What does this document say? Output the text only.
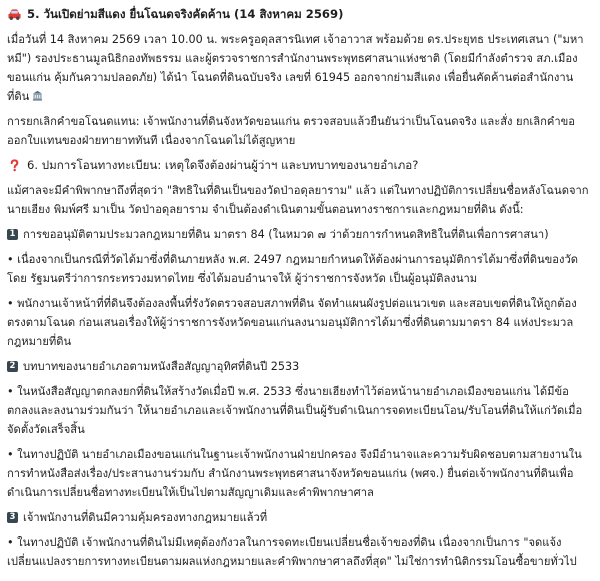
5. วันเปิดย่ามสีแดง ยื่นโฉนดจริงคัดค้าน (14 สิงหาคม 2569)

เมื่อวันที่ 14 สิงหาคม 2569 เวลา 10.00 น. พระครูอดุลสารนิเทศ เจ้าอาวาส พร้อมด้วย ดร.ประยุทธ ประเทศเสนา ("มหาหมี") รองประธานมูลนิธิกองทัพธรรม และผู้ตรวจราชการสำนักงานพระพุทธศาสนาแห่งชาติ (โดยมีกำลังตำรวจ สภ.เมืองขอนแก่น คุ้มกันความปลอดภัย) ได้นำ โฉนดที่ดินฉบับจริง เลขที่ 61945 ออกจากย่ามสีแดง เพื่อยื่นคัดค้านต่อสำนักงานที่ดิน

การยกเลิกคำขอโฉนดแทน: เจ้าพนักงานที่ดินจังหวัดขอนแก่น ตรวจสอบแล้วยืนยันว่าเป็นโฉนดจริง และสั่ง ยกเลิกคำขอออกใบแทนของฝ่ายทายาททันที เนื่องจากโฉนดไม่ได้สูญหาย

6. ปมการโอนทางทะเบียน: เหตุใดจึงต้องผ่านผู้ว่าฯ และบทบาทของนายอำเภอ?

แม้ศาลจะมีคำพิพากษาถึงที่สุดว่า "สิทธิในที่ดินเป็นของวัดป่าอดุลยาราม" แล้ว แต่ในทางปฏิบัติการเปลี่ยนชื่อหลังโฉนดจาก นายเฮียง พิมพ์ศรี มาเป็น วัดป่าอดุลยาราม จำเป็นต้องดำเนินตามขั้นตอนทางราชการและกฎหมายที่ดิน ดังนี้:

1 การขออนุมัติตามประมวลกฎหมายที่ดิน มาตรา 84 (ในหมวด ๗ ว่าด้วยการกำหนดสิทธิในที่ดินเพื่อการศาสนา)

• เนื่องจากเป็นกรณีที่วัดได้มาซึ่งที่ดินภายหลัง พ.ศ. 2497 กฎหมายกำหนดให้ต้องผ่านการอนุมัติการได้มาซึ่งที่ดินของวัด โดย รัฐมนตรีว่าการกระทรวงมหาดไทย ซึ่งได้มอบอำนาจให้ ผู้ว่าราชการจังหวัด เป็นผู้อนุมัติลงนาม

• พนักงานเจ้าหน้าที่ที่ดินจึงต้องลงพื้นที่รังวัดตรวจสอบสภาพที่ดิน จัดทำแผนผังรูปต่อแนวเขต และสอบเขตที่ดินให้ถูกต้องตรงตามโฉนด ก่อนเสนอเรื่องให้ผู้ว่าราชการจังหวัดขอนแก่นลงนามอนุมัติการได้มาซึ่งที่ดินตามมาตรา 84 แห่งประมวลกฎหมายที่ดิน

2 บทบาทของนายอำเภอตามหนังสือสัญญาอุทิศที่ดินปี 2533

• ในหนังสือสัญญาตกลงยกที่ดินให้สร้างวัดเมื่อปี พ.ศ. 2533 ซึ่งนายเฮียงทำไว้ต่อหน้านายอำเภอเมืองขอนแก่น ได้มีข้อตกลงและลงนามร่วมกันว่า ให้นายอำเภอและเจ้าพนักงานที่ดินเป็นผู้รับดำเนินการจดทะเบียนโอน/รับโอนที่ดินให้แก่วัดเมื่อจัดตั้งวัดเสร็จสิ้น

• ในทางปฏิบัติ นายอำเภอเมืองขอนแก่นในฐานะเจ้าพนักงานฝ่ายปกครอง จึงมีอำนาจและความรับผิดชอบตามสายงานในการทำหนังสือส่งเรื่อง/ประสานงานร่วมกับ สำนักงานพระพุทธศาสนาจังหวัดขอนแก่น (พศจ.) ยื่นต่อเจ้าพนักงานที่ดินเพื่อดำเนินการเปลี่ยนชื่อทางทะเบียนให้เป็นไปตามสัญญาเดิมและคำพิพากษาศาล

3 เจ้าพนักงานที่ดินมีความคุ้มครองทางกฎหมายแล้วที่

• ในทางปฏิบัติ เจ้าพนักงานที่ดินไม่มีเหตุต้องกังวลในการจดทะเบียนเปลี่ยนชื่อเจ้าของที่ดิน เนื่องจากเป็นการ "จดแจ้งเปลี่ยนแปลงรายการทางทะเบียนตามผลแห่งกฎหมายและคำพิพากษาศาลถึงที่สุด" ไม่ใช่การทำนิติกรรมโอนซื้อขายทั่วไป
